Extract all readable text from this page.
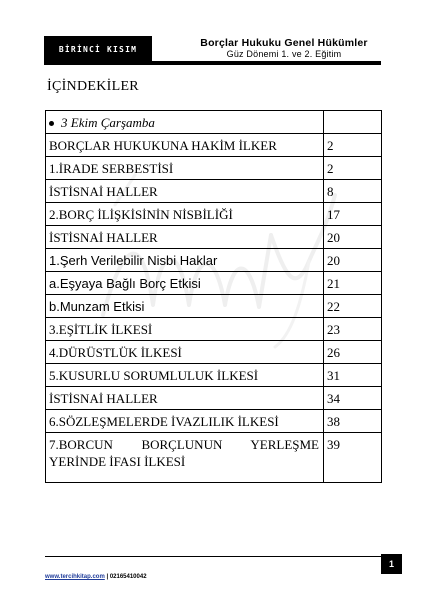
BİRİNCİ KISIM
Borçlar Hukuku Genel Hükümler
Güz Dönemi 1. ve 2. Eğitim
İÇİNDEKİLER
3 Ekim Çarşamba	
BORÇLAR HUKUKUNA HAKİM İLKER	2
1.İRADE SERBESTİSİ	2
İSTİSNAİ HALLER	8
2.BORÇ İLİŞKİSİNİN NİSBİLİĞİ	17
İSTİSNAİ HALLER	20
1.Şerh Verilebilir Nisbi Haklar	20
a.Eşyaya Bağlı Borç Etkisi	21
b.Munzam Etkisi	22
3.EŞİTLİK İLKESİ	23
4.DÜRÜSTLÜK İLKESİ	26
5.KUSURLU SORUMLULUK İLKESİ	31
İSTİSNAİ HALLER	34
6.SÖZLEŞMELERDE İVAZLILIK İLKESİ	38
7.BORCUN BORÇLUNUN YERLEŞME YERİNDE İFASI İLKESİ	39
1
www.tercihkitap.com | 02165410042
